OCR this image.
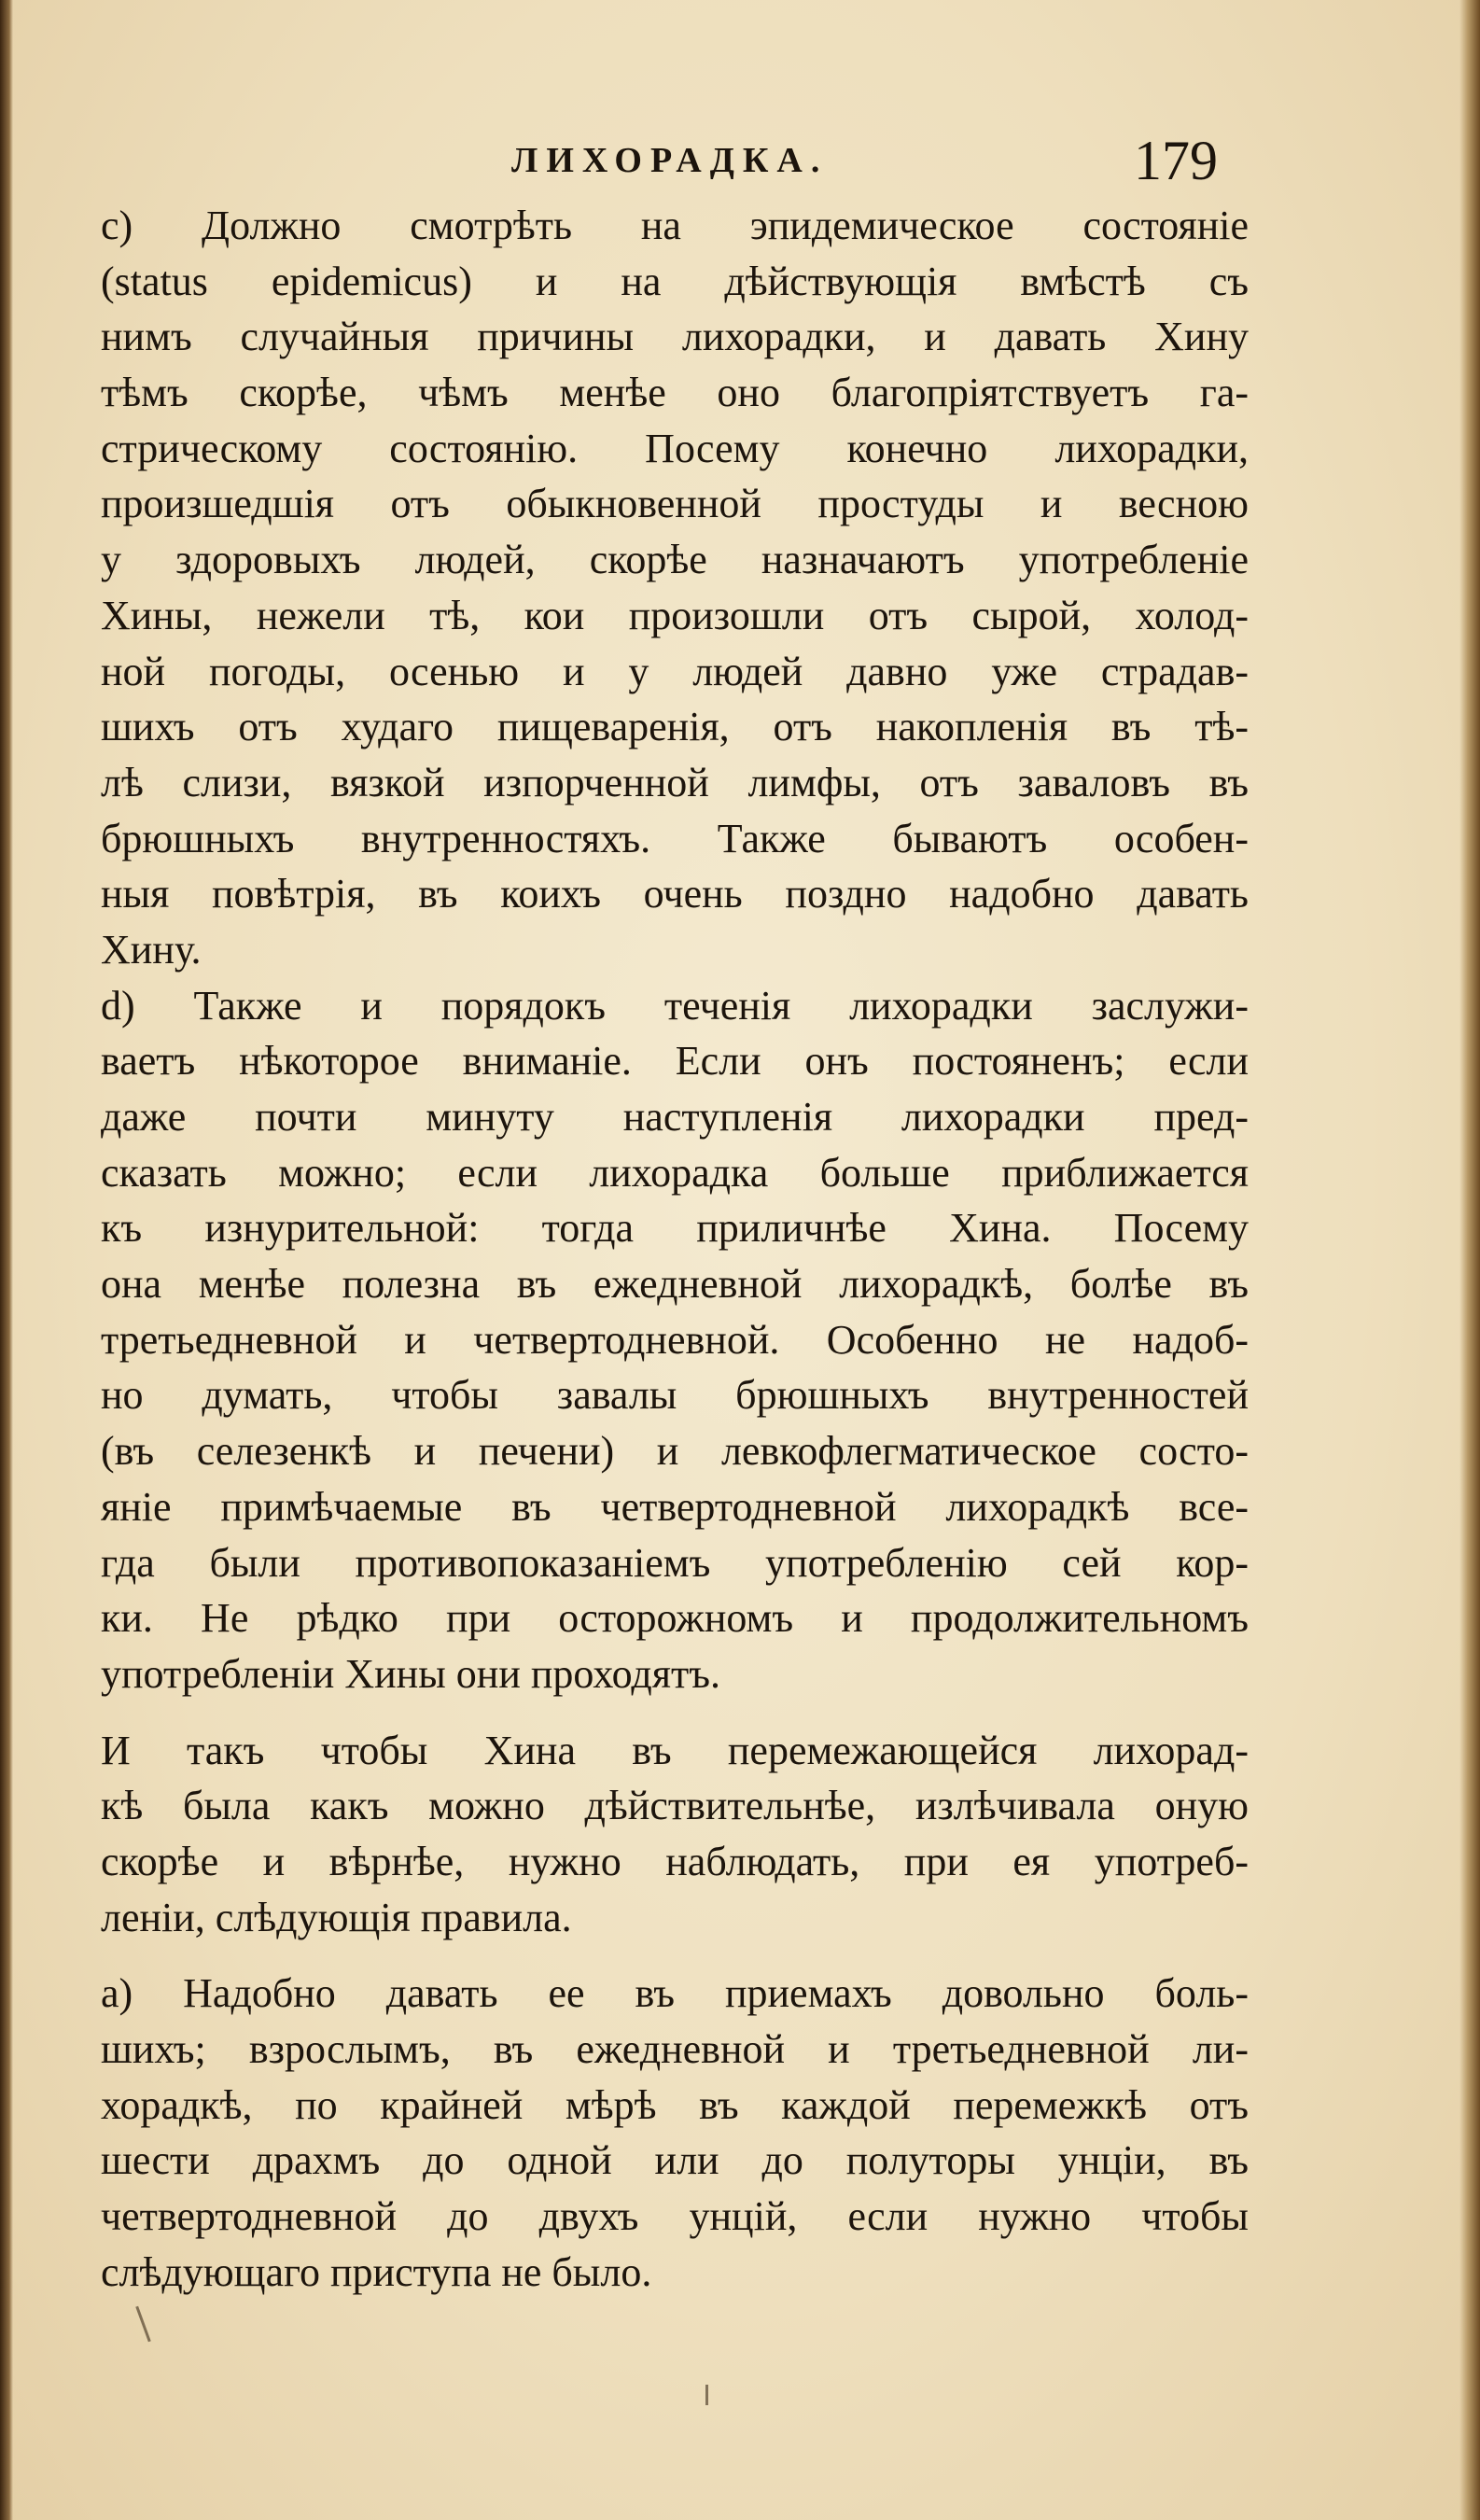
ЛИХОРАДКА.	179
c) Должно смотрѣть на эпидемическое состояніе
(status epidemicus) и на дѣйствующія вмѣстѣ съ
нимъ случайныя причины лихорадки, и давать Хину
тѣмъ скорѣе, чѣмъ менѣе оно благопріятствуетъ га-
стрическому состоянію. Посему конечно лихорадки,
произшедшія отъ обыкновенной простуды и весною
у здоровыхъ людей, скорѣе назначаютъ употребленіе
Хины, нежели тѣ, кои произошли отъ сырой, холод-
ной погоды, осенью и у людей давно уже страдав-
шихъ отъ худаго пищеваренія, отъ накопленія въ тѣ-
лѣ слизи, вязкой изпорченной лимфы, отъ заваловъ въ
брюшныхъ внутренностяхъ. Также бываютъ особен-
ныя повѣтрія, въ коихъ очень поздно надобно давать
Хину.
d) Также и порядокъ теченія лихорадки заслужи-
ваетъ нѣкоторое вниманіе. Если онъ постояненъ; если
даже почти минуту наступленія лихорадки пред-
сказать можно; если лихорадка больше приближается
къ изнурительной: тогда приличнѣе Хина. Посему
она менѣе полезна въ ежедневной лихорадкѣ, болѣе въ
третьедневной и четвертодневной. Особенно не надоб-
но думать, чтобы завалы брюшныхъ внутренностей
(въ селезенкѣ и печени) и левкофлегматическое состо-
яніе примѣчаемые въ четвертодневной лихорадкѣ все-
гда были противопоказаніемъ употребленію сей кор-
ки. Не рѣдко при осторожномъ и продолжительномъ
употребленіи Хины они проходятъ.
И такъ чтобы Хина въ перемежающейся лихорад-
кѣ была какъ можно дѣйствительнѣе, излѣчивала оную
скорѣе и вѣрнѣе, нужно наблюдать, при ея употреб-
леніи, слѣдующія правила.
a) Надобно давать ее въ приемахъ довольно боль-
шихъ; взрослымъ, въ ежедневной и третьедневной ли-
хорадкѣ, по крайней мѣрѣ въ каждой перемежкѣ отъ
шести драхмъ до одной или до полуторы унціи, въ
четвертодневной до двухъ унцій, если нужно чтобы
слѣдующаго приступа не было.
